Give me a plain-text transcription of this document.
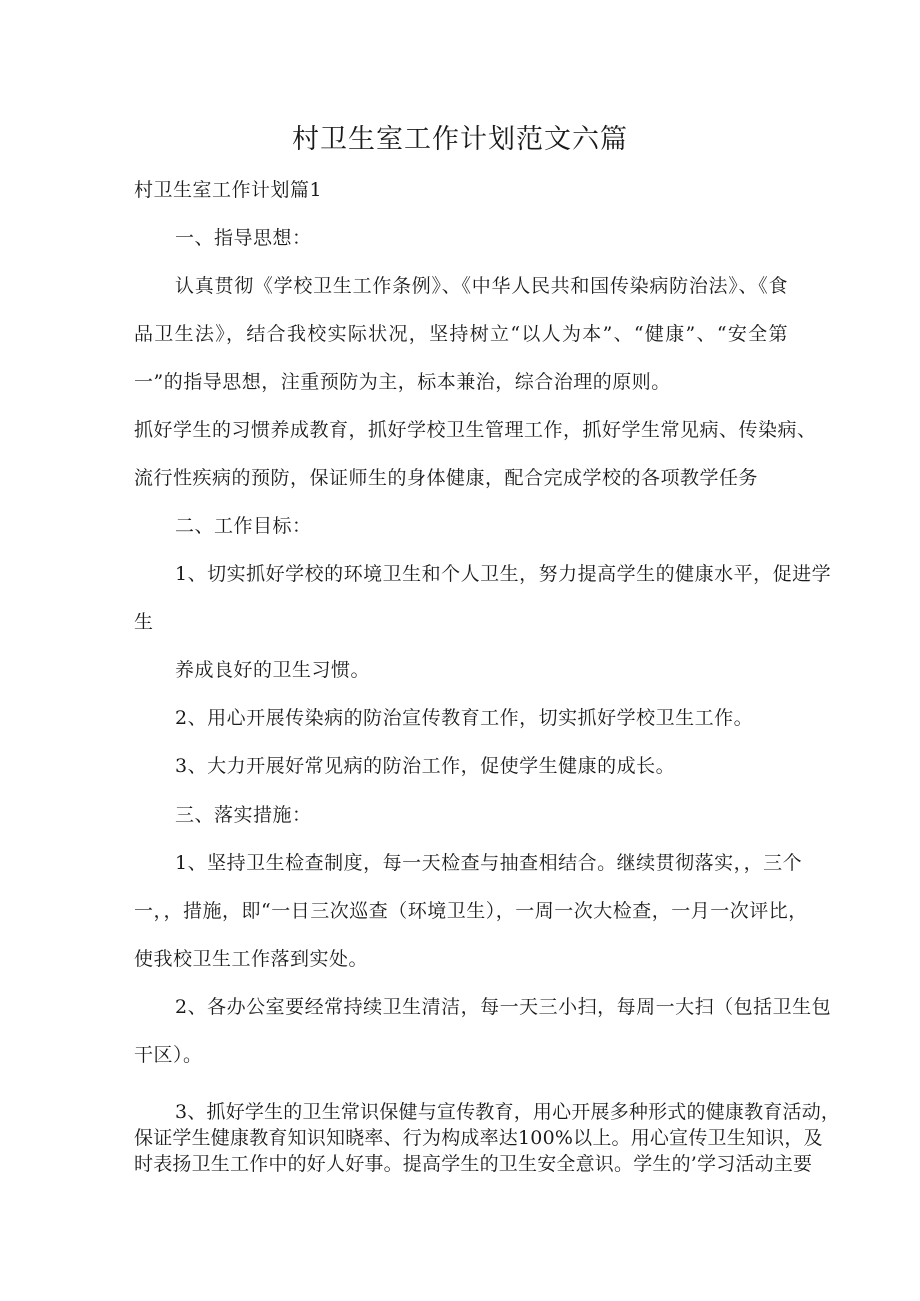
村卫生室工作计划范文六篇
村卫生室工作计划篇1
一、指导思想：
认真贯彻《学校卫生工作条例》、《中华人民共和国传染病防治法》、《食
品卫生法》，结合我校实际状况，坚持树立“以人为本”、“健康”、“安全第
一”的指导思想，注重预防为主，标本兼治，综合治理的原则。
抓好学生的习惯养成教育，抓好学校卫生管理工作，抓好学生常见病、传染病、
流行性疾病的预防，保证师生的身体健康，配合完成学校的各项教学任务
二、工作目标：
1、切实抓好学校的环境卫生和个人卫生，努力提高学生的健康水平，促进学
生
养成良好的卫生习惯。
2、用心开展传染病的防治宣传教育工作，切实抓好学校卫生工作。
3、大力开展好常见病的防治工作，促使学生健康的成长。
三、落实措施：
1、坚持卫生检查制度，每一天检查与抽查相结合。继续贯彻落实，，三个
一，，措施，即“一日三次巡查（环境卫生），一周一次大检查，一月一次评比，
使我校卫生工作落到实处。
2、各办公室要经常持续卫生清洁，每一天三小扫，每周一大扫（包括卫生包
干区）。
3、抓好学生的卫生常识保健与宣传教育，用心开展多种形式的健康教育活动，
保证学生健康教育知识知晓率、行为构成率达100%以上。用心宣传卫生知识，及
时表扬卫生工作中的好人好事。提高学生的卫生安全意识。学生的’学习活动主要
